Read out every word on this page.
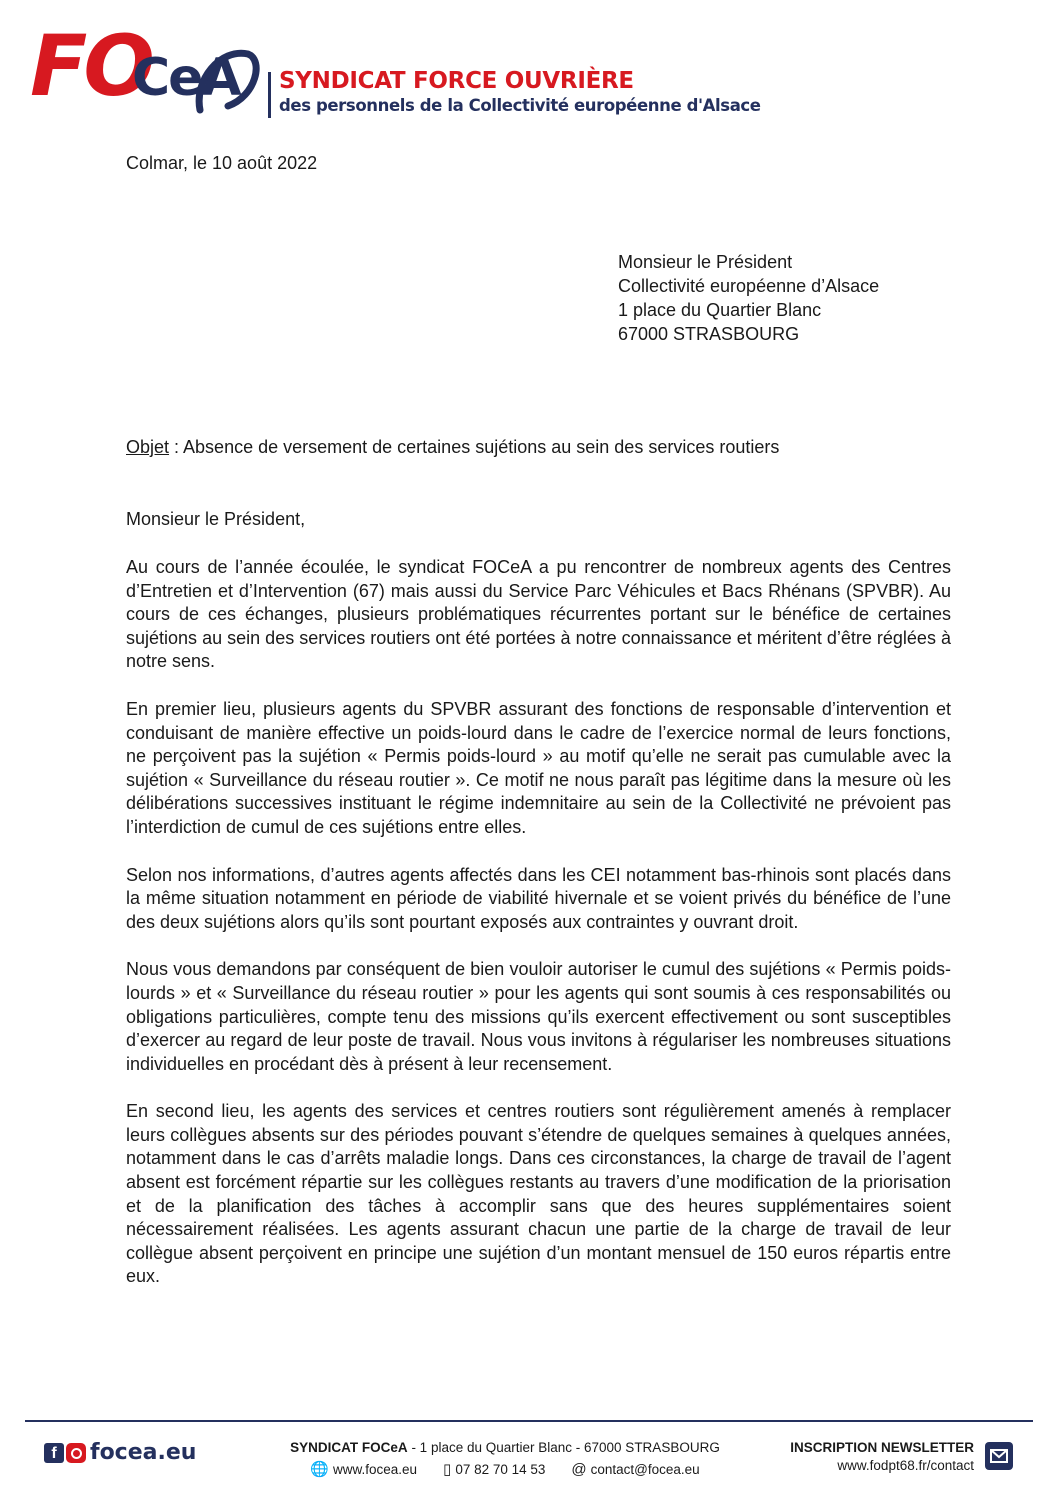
FO
CeA SYNDICAT FORCE OUVRIÈRE
des personnels de la Collectivité européenne d'Alsace
Colmar, le 10 août 2022
Monsieur le Président
Collectivité européenne d’Alsace
1 place du Quartier Blanc
67000 STRASBOURG
Objet : Absence de versement de certaines sujétions au sein des services routiers
Monsieur le Président,

Au cours de l’année écoulée, le syndicat FOCeA a pu rencontrer de nombreux agents des Centres d’Entretien et d’Intervention (67) mais aussi du Service Parc Véhicules et Bacs Rhénans (SPVBR). Au cours de ces échanges, plusieurs problématiques récurrentes portant sur le bénéfice de certaines sujétions au sein des services routiers ont été portées à notre connaissance et méritent d’être réglées à notre sens.

En premier lieu, plusieurs agents du SPVBR assurant des fonctions de responsable d’intervention et conduisant de manière effective un poids-lourd dans le cadre de l’exercice normal de leurs fonctions, ne perçoivent pas la sujétion « Permis poids-lourd » au motif qu’elle ne serait pas cumulable avec la sujétion « Surveillance du réseau routier ». Ce motif ne nous paraît pas légitime dans la mesure où les délibérations successives instituant le régime indemnitaire au sein de la Collectivité ne prévoient pas l’interdiction de cumul de ces sujétions entre elles.

Selon nos informations, d’autres agents affectés dans les CEI notamment bas-rhinois sont placés dans la même situation notamment en période de viabilité hivernale et se voient privés du bénéfice de l’une des deux sujétions alors qu’ils sont pourtant exposés aux contraintes y ouvrant droit.

Nous vous demandons par conséquent de bien vouloir autoriser le cumul des sujétions « Permis poids-lourds » et « Surveillance du réseau routier » pour les agents qui sont soumis à ces responsabilités ou obligations particulières, compte tenu des missions qu’ils exercent effectivement ou sont susceptibles d’exercer au regard de leur poste de travail. Nous vous invitons à régulariser les nombreuses situations individuelles en procédant dès à présent à leur recensement.

En second lieu, les agents des services et centres routiers sont régulièrement amenés à remplacer leurs collègues absents sur des périodes pouvant s’étendre de quelques semaines à quelques années, notamment dans le cas d’arrêts maladie longs. Dans ces circonstances, la charge de travail de l’agent absent est forcément répartie sur les collègues restants au travers d’une modification de la priorisation et de la planification des tâches à accomplir sans que des heures supplémentaires soient nécessairement réalisées. Les agents assurant chacun une partie de la charge de travail de leur collègue absent perçoivent en principe une sujétion d’un montant mensuel de 150 euros répartis entre eux.

f	focea.eu	SYNDICAT FOCeA - 1 place du Quartier Blanc - 67000 STRASBOURG
🌐 www.focea.eu ▯ 07 82 70 14 53 @ contact@focea.eu
INSCRIPTION NEWSLETTER
www.fodpt68.fr/contact
